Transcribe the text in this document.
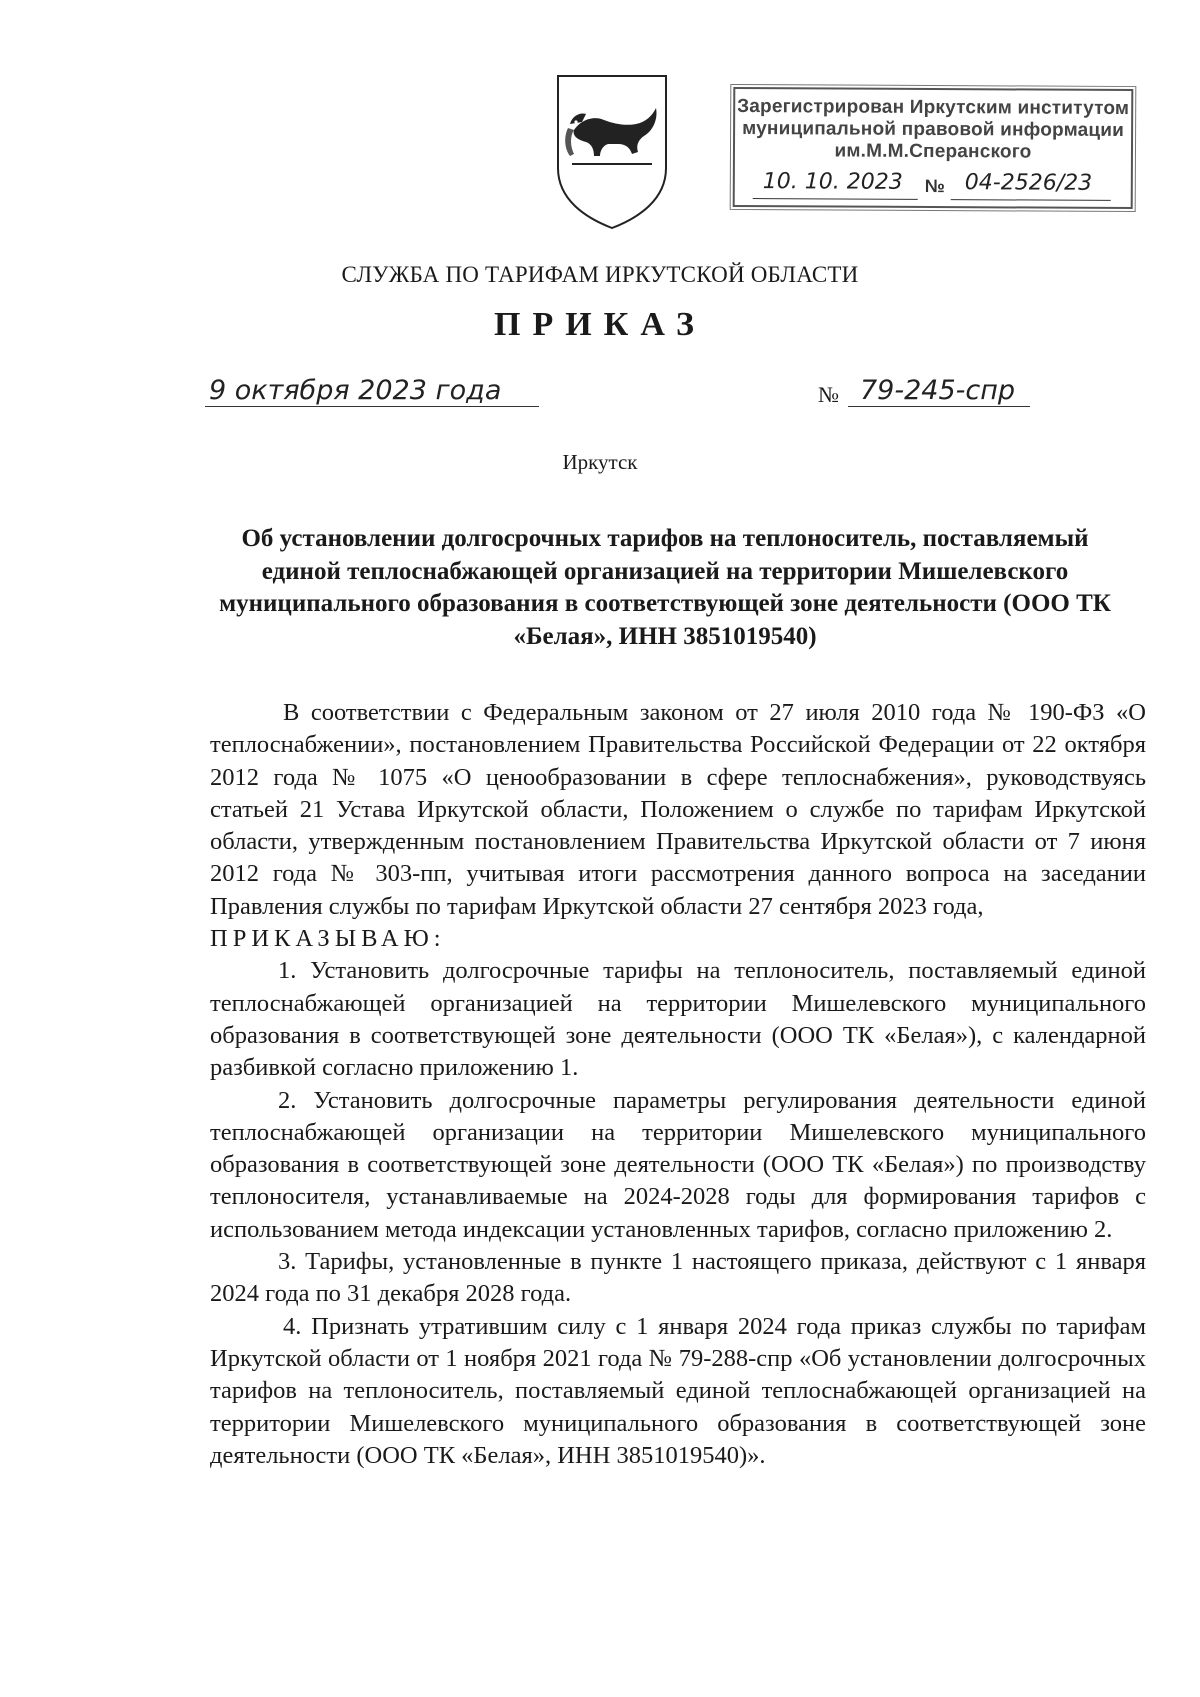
Зарегистрирован Иркутским институтом
муниципальной правовой информации
им.М.М.Сперанского
10. 10. 2023 № 04-2526/23
СЛУЖБА ПО ТАРИФАМ ИРКУТСКОЙ ОБЛАСТИ
ПРИКАЗ
9 октября 2023 года	№ 79-245-спр
Иркутск
Об установлении долгосрочных тарифов на теплоноситель, поставляемый единой теплоснабжающей организацией на территории Мишелевского муниципального образования в соответствующей зоне деятельности (ООО ТК «Белая», ИНН 3851019540)

В соответствии с Федеральным законом от 27 июля 2010 года № 190-ФЗ «О теплоснабжении», постановлением Правительства Российской Федерации от 22 октября 2012 года № 1075 «О ценообразовании в сфере теплоснабжения», руководствуясь статьей 21 Устава Иркутской области, Положением о службе по тарифам Иркутской области, утвержденным постановлением Правительства Иркутской области от 7 июня 2012 года № 303-пп, учитывая итоги рассмотрения данного вопроса на заседании Правления службы по тарифам Иркутской области 27 сентября 2023 года,

ПРИКАЗЫВАЮ:

1. Установить долгосрочные тарифы на теплоноситель, поставляемый единой теплоснабжающей организацией на территории Мишелевского муниципального образования в соответствующей зоне деятельности (ООО ТК «Белая»), с календарной разбивкой согласно приложению 1.

2. Установить долгосрочные параметры регулирования деятельности единой теплоснабжающей организации на территории Мишелевского муниципального образования в соответствующей зоне деятельности (ООО ТК «Белая») по производству теплоносителя, устанавливаемые на 2024-2028 годы для формирования тарифов с использованием метода индексации установленных тарифов, согласно приложению 2.

3. Тарифы, установленные в пункте 1 настоящего приказа, действуют с 1 января 2024 года по 31 декабря 2028 года.

4. Признать утратившим силу с 1 января 2024 года приказ службы по тарифам Иркутской области от 1 ноября 2021 года № 79-288-спр «Об установлении долгосрочных тарифов на теплоноситель, поставляемый единой теплоснабжающей организацией на территории Мишелевского муниципального образования в соответствующей зоне деятельности (ООО ТК «Белая», ИНН 3851019540)».
